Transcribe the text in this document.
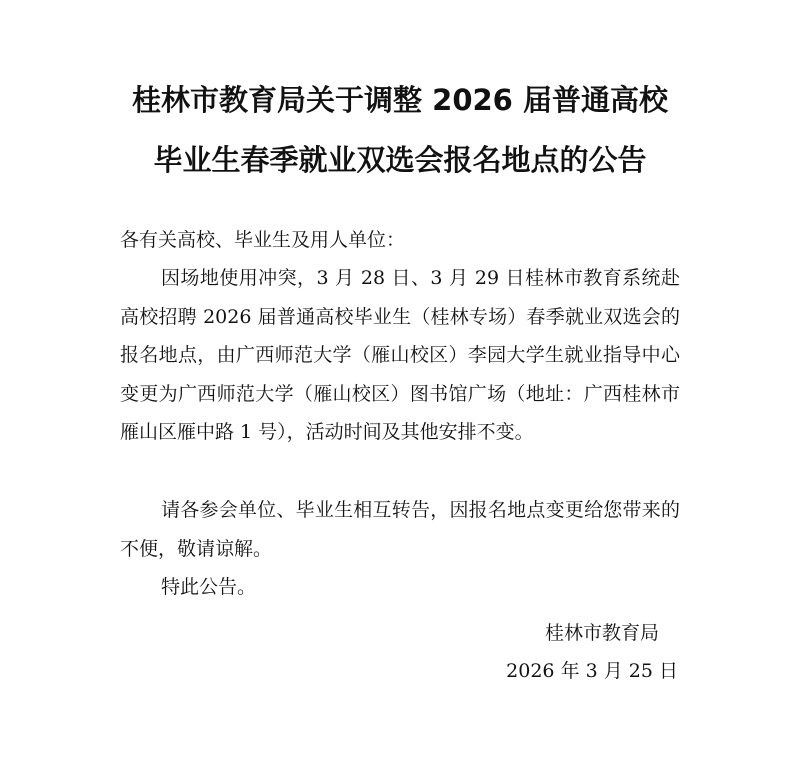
桂林市教育局关于调整 2026 届普通高校
毕业生春季就业双选会报名地点的公告

各有关高校、毕业生及用人单位：

因场地使用冲突，3 月 28 日、3 月 29 日桂林市教育系统赴高校招聘 2026 届普通高校毕业生（桂林专场）春季就业双选会的报名地点，由广西师范大学（雁山校区）李园大学生就业指导中心变更为广西师范大学（雁山校区）图书馆广场（地址：广西桂林市雁山区雁中路 1 号），活动时间及其他安排不变。

请各参会单位、毕业生相互转告，因报名地点变更给您带来的不便，敬请谅解。

特此公告。

桂林市教育局

2026 年 3 月 25 日
